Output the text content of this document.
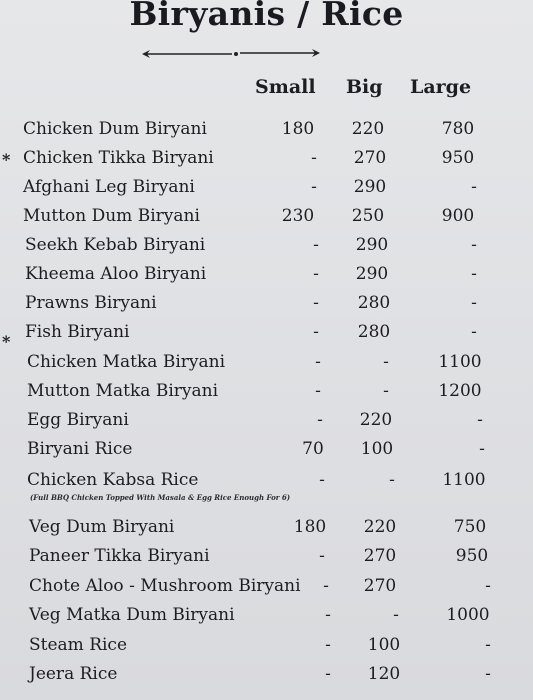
Biryanis / Rice
Small Big Large
Chicken Dum Biryani	180	220	780
* Chicken Tikka Biryani	-	270	950
Afghani Leg Biryani	-	290	-
Mutton Dum Biryani	230	250	900
Seekh Kebab Biryani	-	290	-
Kheema Aloo Biryani	-	290	-
Prawns Biryani	-	280	-
* Fish Biryani	-	280	-
Chicken Matka Biryani	-	-	1100
Mutton Matka Biryani	-	-	1200
Egg Biryani	-	220	-
Biryani Rice	70	100	-
Chicken Kabsa Rice	-	-	1100
Veg Dum Biryani	180	220	750
Paneer Tikka Biryani	-	270	950
Chote Aloo - Mushroom Biryani	-	270	-
Veg Matka Dum Biryani	-	-	1000
Steam Rice	-	100	-
Jeera Rice	-	120	-
(Full BBQ Chicken Topped With Masala & Egg Rice Enough For 6)
